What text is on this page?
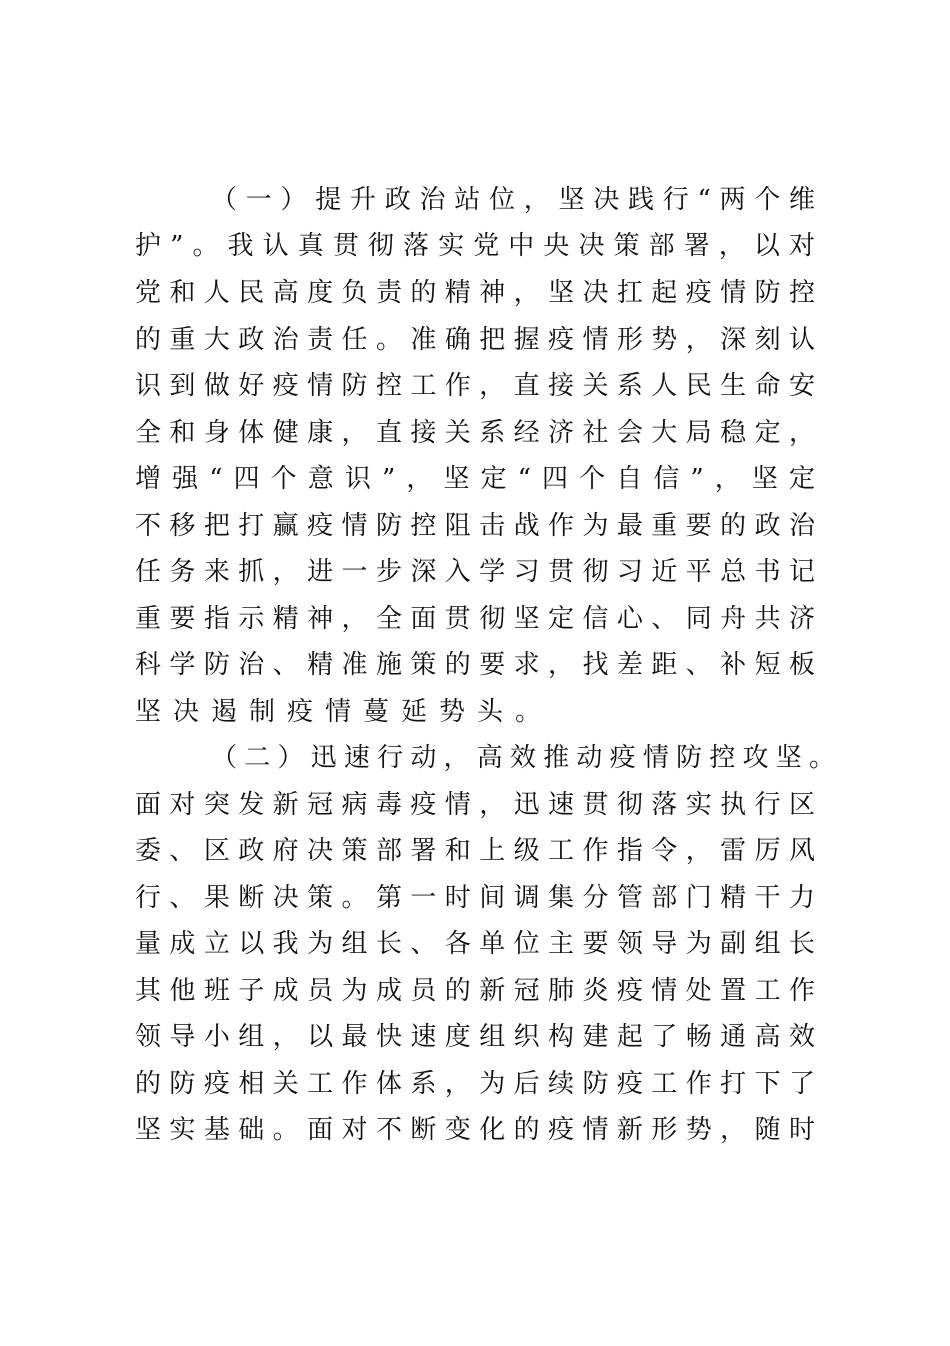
（一）提升政治站位，坚决践行“两个维
护”。我认真贯彻落实党中央决策部署，以对
党和人民高度负责的精神，坚决扛起疫情防控
的重大政治责任。准确把握疫情形势，深刻认
识到做好疫情防控工作，直接关系人民生命安
全和身体健康，直接关系经济社会大局稳定，
增强“四个意识”，坚定“四个自信”，坚定
不移把打赢疫情防控阻击战作为最重要的政治
任务来抓，进一步深入学习贯彻习近平总书记
重要指示精神，全面贯彻坚定信心、同舟共济
科学防治、精准施策的要求，找差距、补短板
坚决遏制疫情蔓延势头。
（二）迅速行动，高效推动疫情防控攻坚。
面对突发新冠病毒疫情，迅速贯彻落实执行区
委、区政府决策部署和上级工作指令，雷厉风
行、果断决策。第一时间调集分管部门精干力
量成立以我为组长、各单位主要领导为副组长
其他班子成员为成员的新冠肺炎疫情处置工作
领导小组，以最快速度组织构建起了畅通高效
的防疫相关工作体系，为后续防疫工作打下了
坚实基础。面对不断变化的疫情新形势，随时
